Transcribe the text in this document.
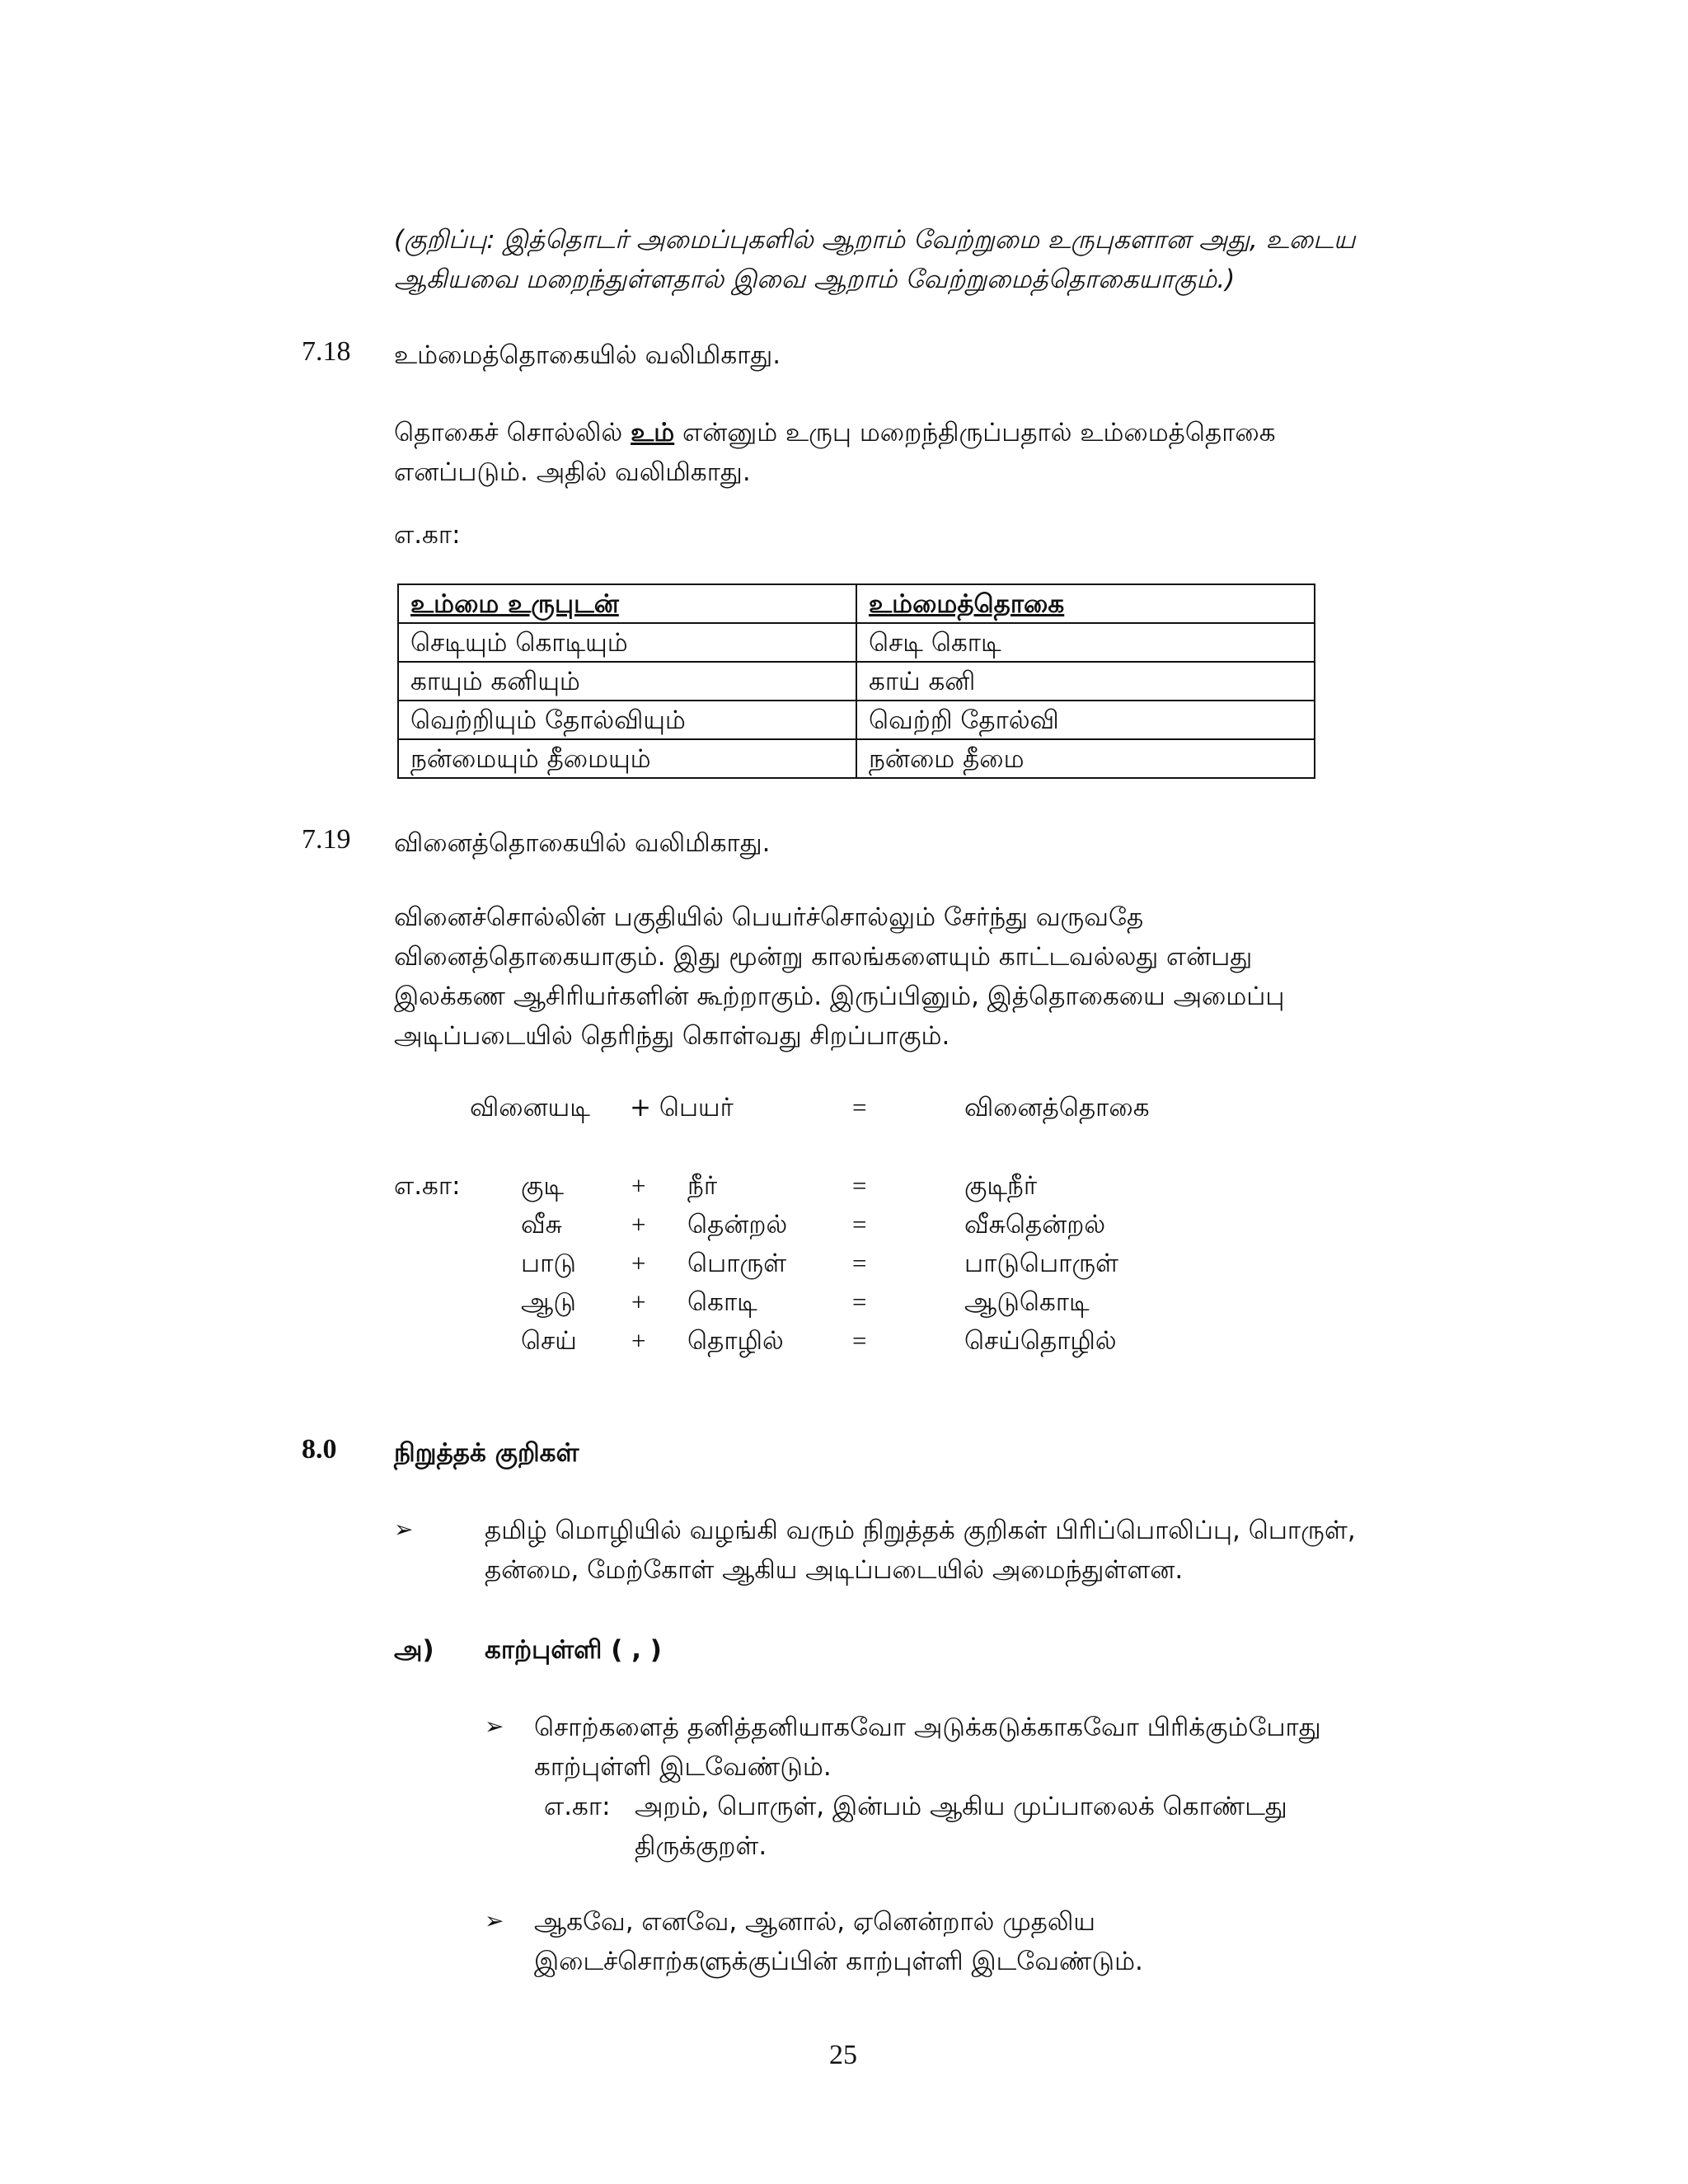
(குறிப்பு: இத்தொடர் அமைப்புகளில் ஆறாம் வேற்றுமை உருபுகளான அது, உடைய
ஆகியவை மறைந்துள்ளதால் இவை ஆறாம் வேற்றுமைத்தொகையாகும்.)
7.18 உம்மைத்தொகையில் வலிமிகாது.
தொகைச் சொல்லில் உம் என்னும் உருபு மறைந்திருப்பதால் உம்மைத்தொகை
எனப்படும். அதில் வலிமிகாது.
எ.கா:
உம்மை உருபுடன்	உம்மைத்தொகை
செடியும் கொடியும்	செடி கொடி
காயும் கனியும்	காய் கனி
வெற்றியும் தோல்வியும்	வெற்றி தோல்வி
நன்மையும் தீமையும்	நன்மை தீமை
7.19 வினைத்தொகையில் வலிமிகாது.
வினைச்சொல்லின் பகுதியில் பெயர்ச்சொல்லும் சேர்ந்து வருவதே
வினைத்தொகையாகும். இது மூன்று காலங்களையும் காட்டவல்லது என்பது
இலக்கண ஆசிரியர்களின் கூற்றாகும். இருப்பினும், இத்தொகையை அமைப்பு
அடிப்படையில் தெரிந்து கொள்வது சிறப்பாகும்.
வினையடி + பெயர்	=	வினைத்தொகை
எ.கா: குடி	+ நீர்	=	குடிநீர்
வீசு	+ தென்றல்	=	வீசுதென்றல்
பாடு + பொருள்	=	பாடுபொருள்
ஆடு + கொடி	=	ஆடுகொடி
செய் + தொழில்	=	செய்தொழில்
8.0 நிறுத்தக் குறிகள்
➢	தமிழ் மொழியில் வழங்கி வரும் நிறுத்தக் குறிகள் பிரிப்பொலிப்பு, பொருள்,
தன்மை, மேற்கோள் ஆகிய அடிப்படையில் அமைந்துள்ளன.
அ) காற்புள்ளி ( , )
➢ சொற்களைத் தனித்தனியாகவோ அடுக்கடுக்காகவோ பிரிக்கும்போது
காற்புள்ளி இடவேண்டும்.
எ.கா: அறம், பொருள், இன்பம் ஆகிய முப்பாலைக் கொண்டது
திருக்குறள்.
➢ ஆகவே, எனவே, ஆனால், ஏனென்றால் முதலிய
இடைச்சொற்களுக்குப்பின் காற்புள்ளி இடவேண்டும்.
25
